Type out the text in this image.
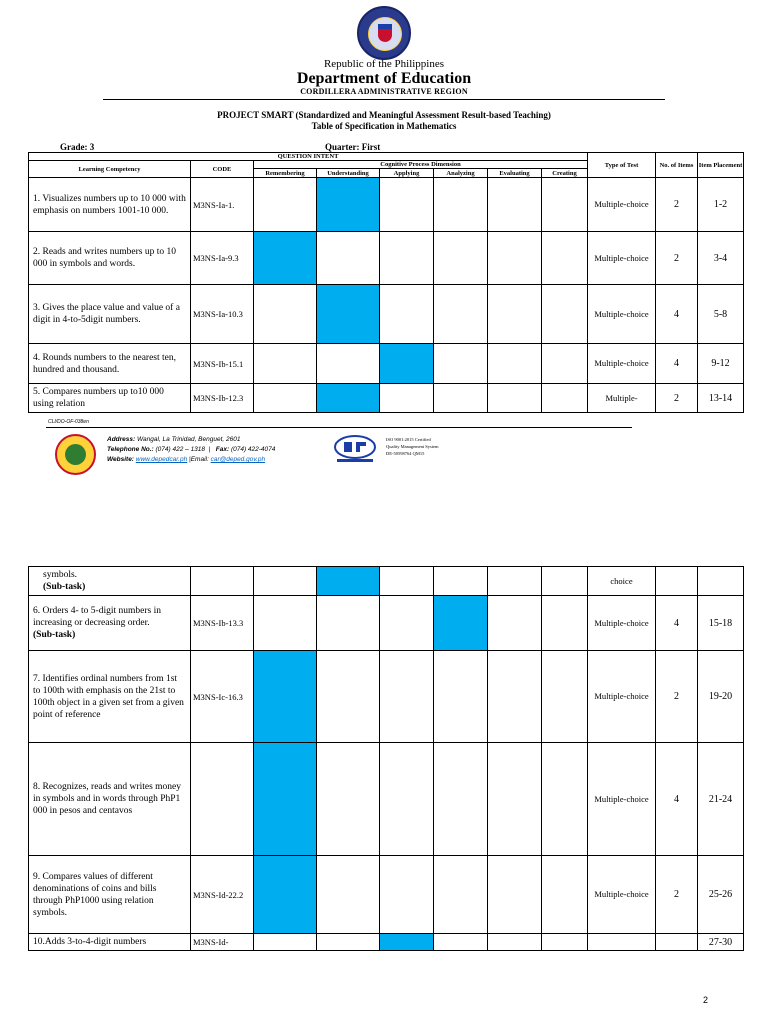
Republic of the Philippines
Department of Education
CORDILLERA ADMINISTRATIVE REGION
PROJECT SMART (Standardized and Meaningful Assessment Result-based Teaching)
Table of Specification in Mathematics
Grade: 3	Quarter: First
QUESTION INTENT								Type of Test	No. of Items	Item Placement
Learning Competency	CODE	Cognitive Process Dimension								
		Remembering	Understanding	Applying	Analyzing	Evaluating	Creating			

1. Visualizes numbers up to 10 000 with emphasis on numbers 1001-10 000.	M3NS-Ia-1.							Multiple-choice	2	1-2

2. Reads and writes numbers up to 10 000 in symbols and words.	M3NS-Ia-9.3							Multiple-choice	2	3-4

3. Gives the place value and value of a digit in 4-to-5digit numbers.	M3NS-Ia-10.3							Multiple-choice	4	5-8

4. Rounds numbers to the nearest ten, hundred and thousand.	M3NS-Ib-15.1							Multiple-choice	4	9-12

5. Compares numbers up to10 000 using relation	M3NS-Ib-12.3							Multiple-	2	13-14
CLI/DO-OF-038en
Address: Wangal, La Trinidad, Benguet, 2601
Telephone No.: (074) 422 – 1318  |   Fax: (074) 422-4074
Website: www.depedcar.ph |Email: car@deped.gov.ph
ISO 9001:2015 Certified
Quality Management System
DE-50598764 QM15
symbols.
(Sub-task)								choice		

6. Orders 4- to 5-digit numbers in increasing or decreasing order.
(Sub-task)	M3NS-Ib-13.3							Multiple-choice	4	15-18

7. Identifies ordinal numbers from 1st to 100th with emphasis on the 21st to 100th object in a given set from a given point of reference	M3NS-Ic-16.3							Multiple-choice	2	19-20

8. Recognizes, reads and writes money in symbols and in words through PhP1 000 in pesos and centavos								Multiple-choice	4	21-24

9. Compares values of different denominations of coins and bills through PhP1000 using relation symbols.	M3NS-Id-22.2							Multiple-choice	2	25-26

10.Adds 3-to-4-digit numbers	M3NS-Id-									27-30
2
